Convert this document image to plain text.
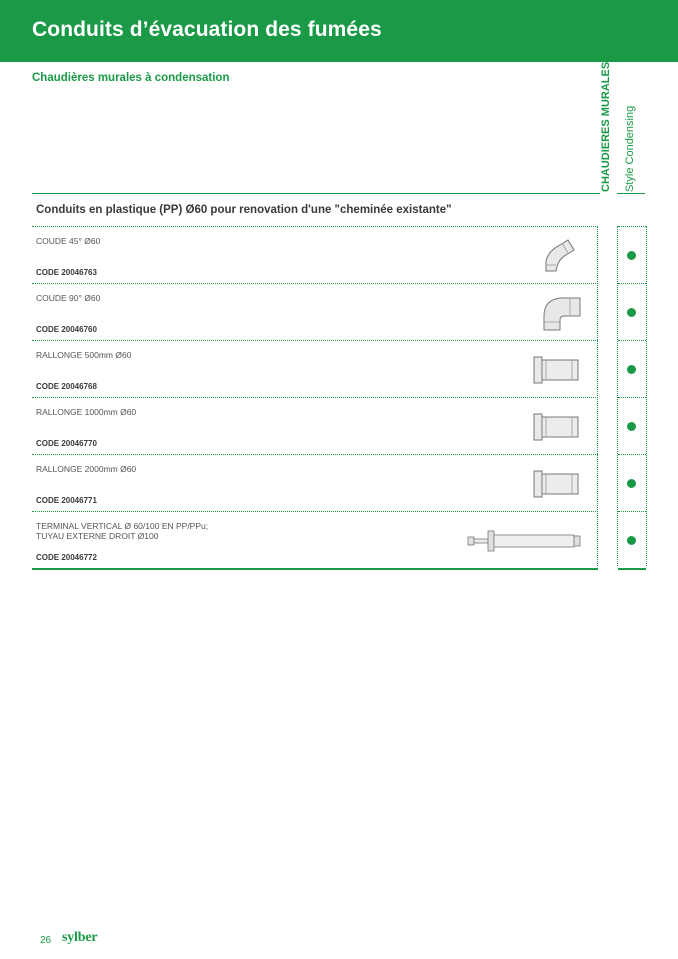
Conduits d’évacuation des fumées
Chaudières murales à condensation	CHAUDIERES MURALES Style Condensing
Conduits en plastique (PP) Ø60 pour renovation d'une "cheminée existante"
COUDE 45° Ø60
CODE 20046763
COUDE 90° Ø60
CODE 20046760
RALLONGE 500mm Ø60
CODE 20046768
RALLONGE 1000mm Ø60
CODE 20046770
RALLONGE 2000mm Ø60
CODE 20046771
TERMINAL VERTICAL Ø 60/100 EN PP/PPu;
TUYAU EXTERNE DROIT Ø100
CODE 20046772
26 sylber
